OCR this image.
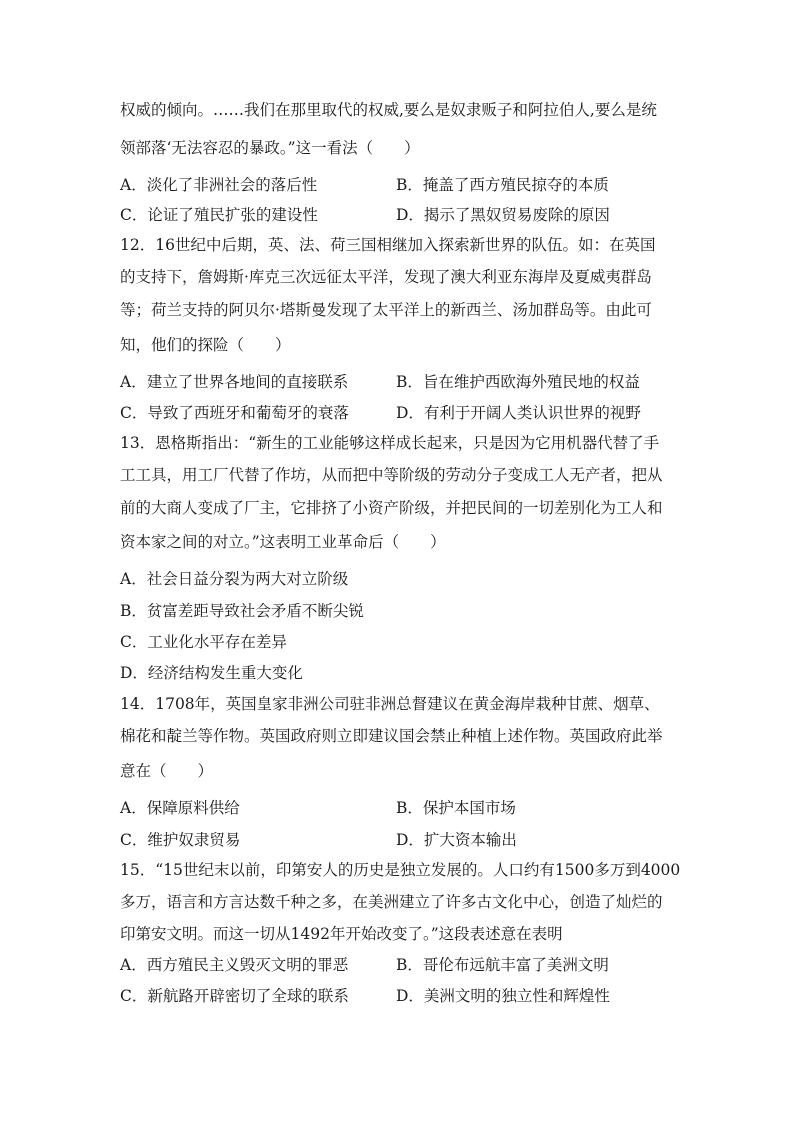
权威的倾向。……我们在那里取代的权威,要么是奴隶贩子和阿拉伯人,要么是统
领部落‘无法容忍的暴政。”这一看法（　　）
A．淡化了非洲社会的落后性	B．掩盖了西方殖民掠夺的本质
C．论证了殖民扩张的建设性	D．揭示了黑奴贸易废除的原因
12．16世纪中后期，英、法、荷三国相继加入探索新世界的队伍。如：在英国
的支持下，詹姆斯·库克三次远征太平洋，发现了澳大利亚东海岸及夏威夷群岛
等；荷兰支持的阿贝尔·塔斯曼发现了太平洋上的新西兰、汤加群岛等。由此可
知，他们的探险（　　）
A．建立了世界各地间的直接联系	B．旨在维护西欧海外殖民地的权益
C．导致了西班牙和葡萄牙的衰落	D．有利于开阔人类认识世界的视野
13．恩格斯指出：“新生的工业能够这样成长起来，只是因为它用机器代替了手
工工具，用工厂代替了作坊，从而把中等阶级的劳动分子变成工人无产者，把从
前的大商人变成了厂主，它排挤了小资产阶级，并把民间的一切差别化为工人和
资本家之间的对立。”这表明工业革命后（　　）
A．社会日益分裂为两大对立阶级
B．贫富差距导致社会矛盾不断尖锐
C．工业化水平存在差异
D．经济结构发生重大变化
14．1708年，英国皇家非洲公司驻非洲总督建议在黄金海岸栽种甘蔗、烟草、
棉花和靛兰等作物。英国政府则立即建议国会禁止种植上述作物。英国政府此举
意在（　　）
A．保障原料供给	B．保护本国市场
C．维护奴隶贸易	D．扩大资本输出
15．“15世纪末以前，印第安人的历史是独立发展的。人口约有1500多万到4000
多万，语言和方言达数千种之多，在美洲建立了许多古文化中心，创造了灿烂的
印第安文明。而这一切从1492年开始改变了。”这段表述意在表明
A．西方殖民主义毁灭文明的罪恶	B．哥伦布远航丰富了美洲文明
C．新航路开辟密切了全球的联系	D．美洲文明的独立性和辉煌性
